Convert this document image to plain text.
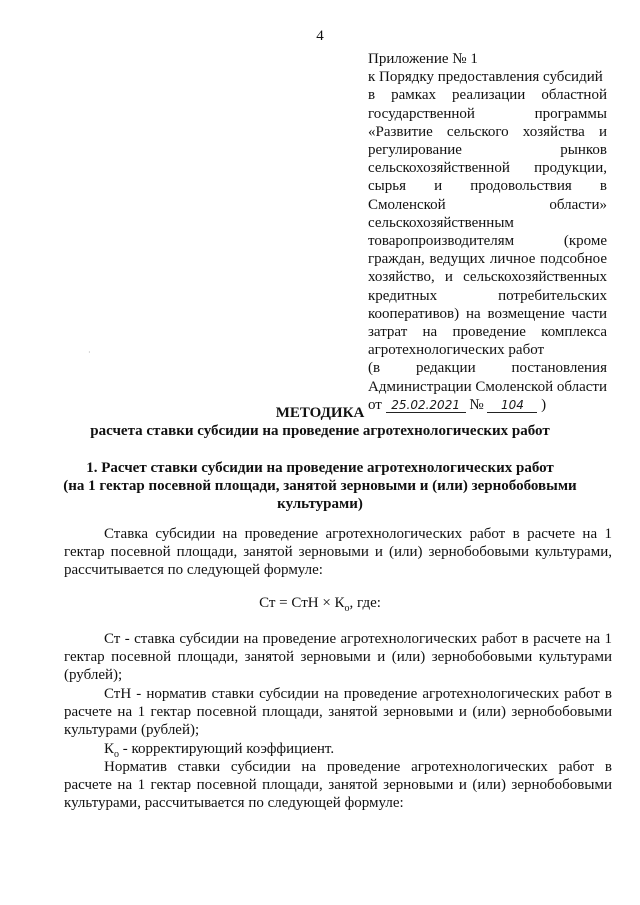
4
Приложение № 1
к Порядку предоставления субсидий
в рамках реализации областной
государственной программы
«Развитие сельского хозяйства и
регулирование рынков
сельскохозяйственной продукции,
сырья и продовольствия в
Смоленской области»
сельскохозяйственным
товаропроизводителям (кроме
граждан, ведущих личное подсобное
хозяйство, и сельскохозяйственных
кредитных потребительских
кооперативов) на возмещение части
затрат на проведение комплекса
агротехнологических работ
(в редакции постановления
Администрации Смоленской области
от 25.02.2021 № 104 )
·
МЕТОДИКА
расчета ставки субсидии на проведение агротехнологических работ
1. Расчет ставки субсидии на проведение агротехнологических работ
(на 1 гектар посевной площади, занятой зерновыми и (или) зернобобовыми
культурами)
Ставка субсидии на проведение агротехнологических работ в расчете на 1 гектар посевной площади, занятой зерновыми и (или) зернобобовыми культурами, рассчитывается по следующей формуле:
Ст = СтН × $К_о$, где:
Ст - ставка субсидии на проведение агротехнологических работ в расчете на 1 гектар посевной площади, занятой зерновыми и (или) зернобобовыми культурами (рублей);
СтН - норматив ставки субсидии на проведение агротехнологических работ в расчете на 1 гектар посевной площади, занятой зерновыми и (или) зернобобовыми культурами (рублей);
$К_о$ - корректирующий коэффициент.
Норматив ставки субсидии на проведение агротехнологических работ в расчете на 1 гектар посевной площади, занятой зерновыми и (или) зернобобовыми культурами, рассчитывается по следующей формуле:
